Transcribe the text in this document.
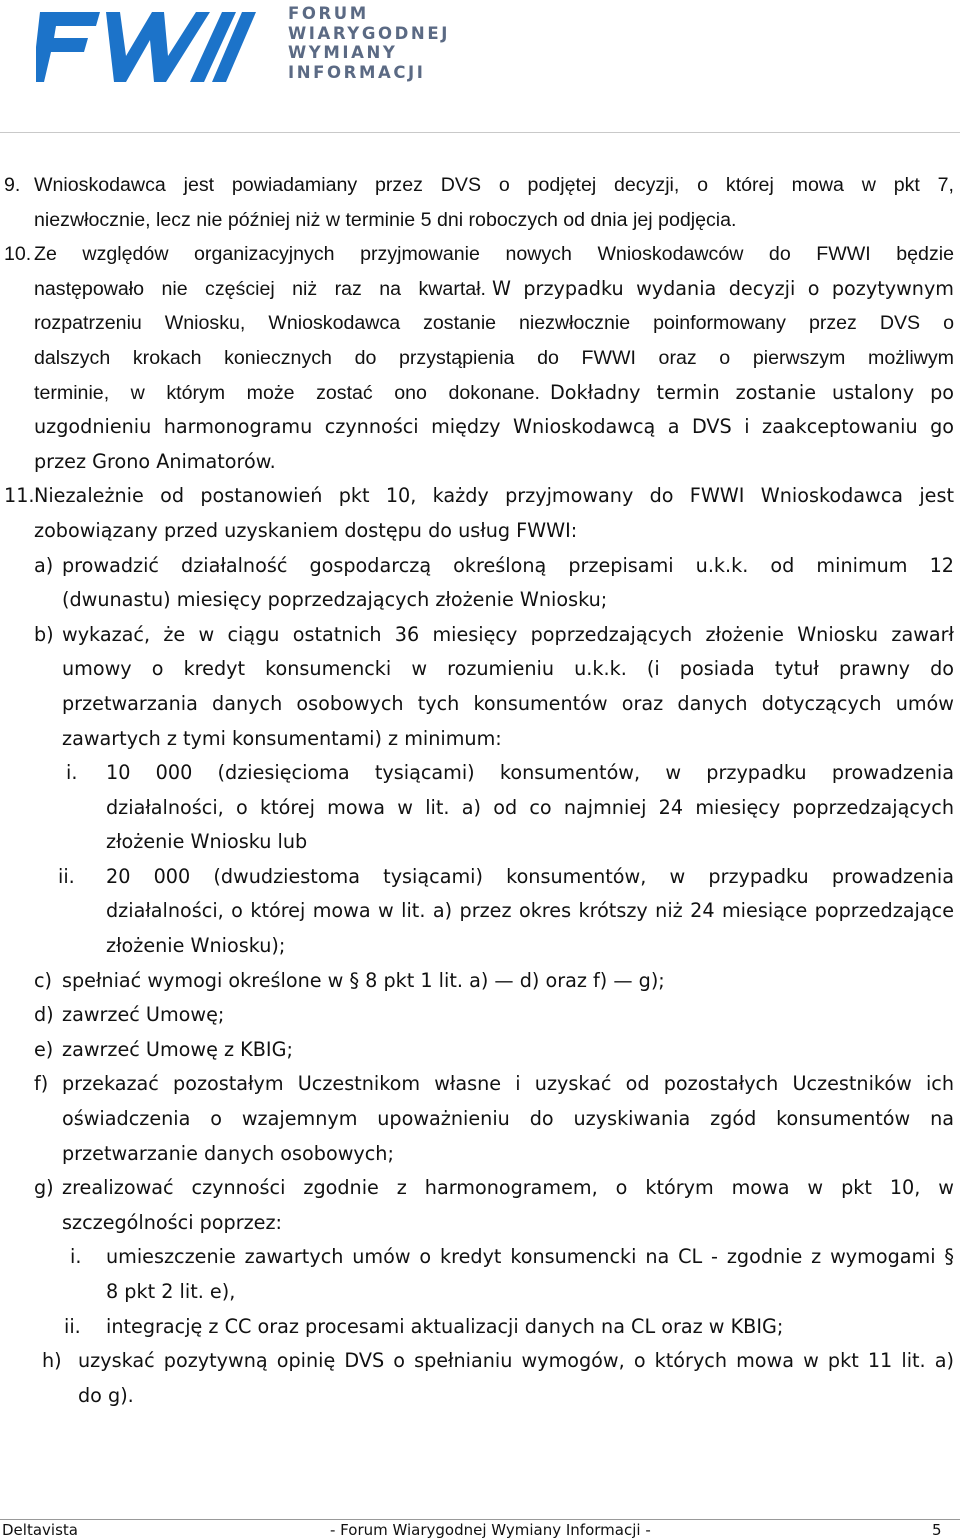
FORUM
WIARYGODNEJ
WYMIANY
INFORMACJI
9. Wnioskodawca jest powiadamiany przez DVS o podjętej decyzji, o której mowa w pkt 7,
niezwłocznie, lecz nie później niż w terminie 5 dni roboczych od dnia jej podjęcia.
10. Ze względów organizacyjnych przyjmowanie nowych Wnioskodawców do FWWI będzie
następowało nie częściej niż raz na kwartał. W przypadku wydania decyzji o pozytywnym
rozpatrzeniu Wniosku, Wnioskodawca zostanie niezwłocznie poinformowany przez DVS o
dalszych krokach koniecznych do przystąpienia do FWWI oraz o pierwszym możliwym
terminie, w którym może zostać ono dokonane. Dokładny termin zostanie ustalony po
uzgodnieniu harmonogramu czynności między Wnioskodawcą a DVS i zaakceptowaniu go
przez Grono Animatorów.
11. Niezależnie od postanowień pkt 10, każdy przyjmowany do FWWI Wnioskodawca jest
zobowiązany przed uzyskaniem dostępu do usług FWWI:
a) prowadzić działalność gospodarczą określoną przepisami u.k.k. od minimum 12
(dwunastu) miesięcy poprzedzających złożenie Wniosku;
b) wykazać, że w ciągu ostatnich 36 miesięcy poprzedzających złożenie Wniosku zawarł
umowy o kredyt konsumencki w rozumieniu u.k.k. (i posiada tytuł prawny do
przetwarzania danych osobowych tych konsumentów oraz danych dotyczących umów
zawartych z tymi konsumentami) z minimum:
i. 10 000 (dziesięcioma tysiącami) konsumentów, w przypadku prowadzenia
działalności, o której mowa w lit. a) od co najmniej 24 miesięcy poprzedzających
złożenie Wniosku lub
ii. 20 000 (dwudziestoma tysiącami) konsumentów, w przypadku prowadzenia
działalności, o której mowa w lit. a) przez okres krótszy niż 24 miesiące poprzedzające
złożenie Wniosku);
c) spełniać wymogi określone w § 8 pkt 1 lit. a) — d) oraz f) — g);
d) zawrzeć Umowę;
e) zawrzeć Umowę z KBIG;
f) przekazać pozostałym Uczestnikom własne i uzyskać od pozostałych Uczestników ich
oświadczenia o wzajemnym upoważnieniu do uzyskiwania zgód konsumentów na
przetwarzanie danych osobowych;
g) zrealizować czynności zgodnie z harmonogramem, o którym mowa w pkt 10, w
szczególności poprzez:
i. umieszczenie zawartych umów o kredyt konsumencki na CL - zgodnie z wymogami §
8 pkt 2 lit. e),
ii. integrację z CC oraz procesami aktualizacji danych na CL oraz w KBIG;
h) uzyskać pozytywną opinię DVS o spełnianiu wymogów, o których mowa w pkt 11 lit. a)
do g).
Deltavista	- Forum Wiarygodnej Wymiany Informacji -	5
